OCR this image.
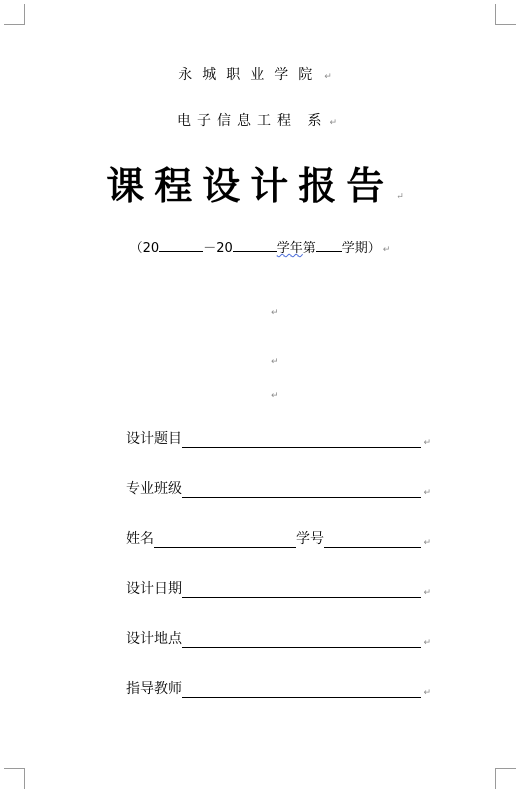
永城职业学院 ↵
电子信息工程 系 ↵
课程设计报告 ↵
（20	－20	学年第 学期） ↵
↵
↵
↵
设计题目	↵
专业班级	↵
姓名	学号	↵
设计日期	↵
设计地点	↵
指导教师	↵
